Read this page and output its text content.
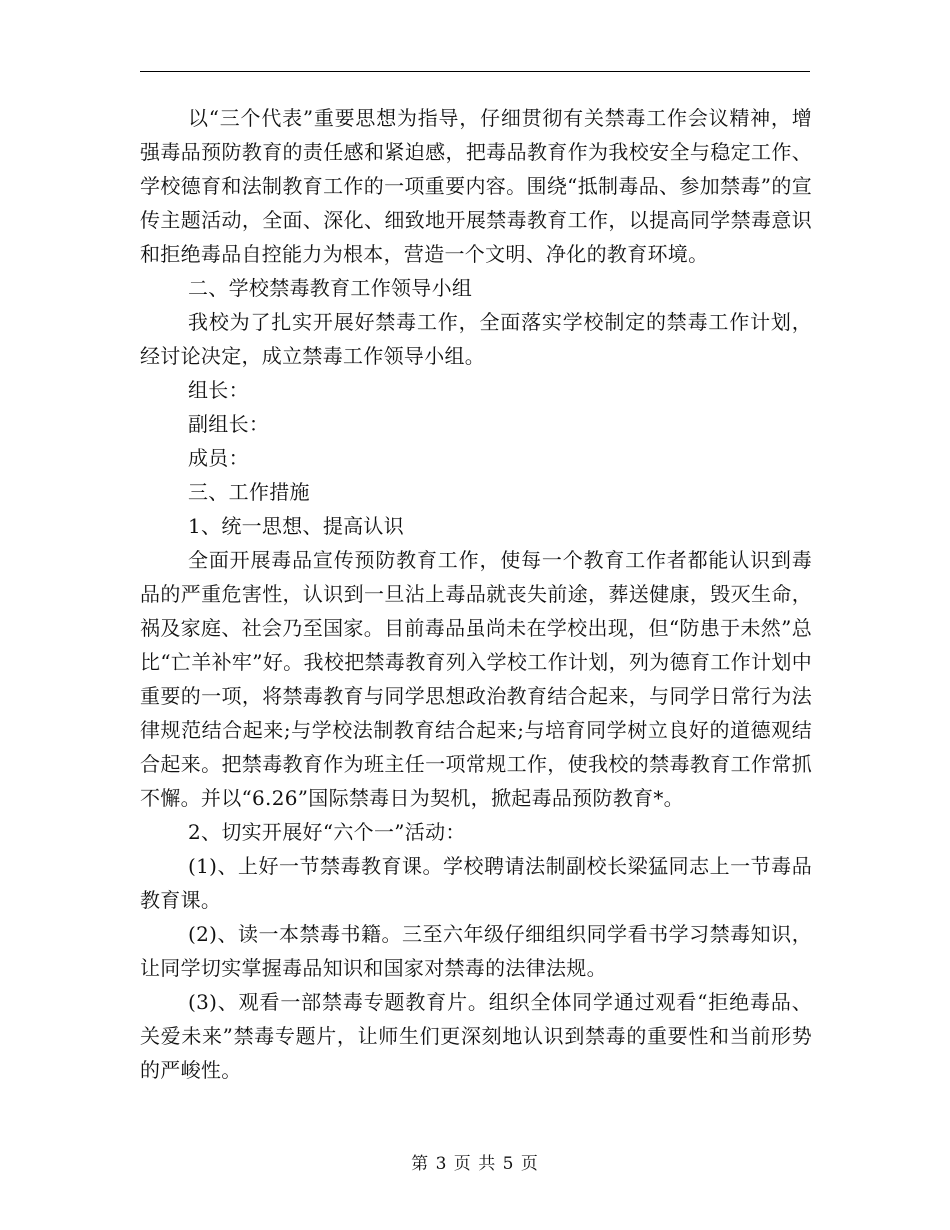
以“三个代表”重要思想为指导，仔细贯彻有关禁毒工作会议精神，增强毒品预防教育的责任感和紧迫感，把毒品教育作为我校安全与稳定工作、学校德育和法制教育工作的一项重要内容。围绕“抵制毒品、参加禁毒”的宣传主题活动，全面、深化、细致地开展禁毒教育工作，以提高同学禁毒意识和拒绝毒品自控能力为根本，营造一个文明、净化的教育环境。

二、学校禁毒教育工作领导小组

我校为了扎实开展好禁毒工作，全面落实学校制定的禁毒工作计划，经讨论决定，成立禁毒工作领导小组。

组长：

副组长：

成员：

三、工作措施

1、统一思想、提高认识

全面开展毒品宣传预防教育工作，使每一个教育工作者都能认识到毒品的严重危害性，认识到一旦沾上毒品就丧失前途，葬送健康，毁灭生命，祸及家庭、社会乃至国家。目前毒品虽尚未在学校出现，但“防患于未然”总比“亡羊补牢”好。我校把禁毒教育列入学校工作计划，列为德育工作计划中重要的一项，将禁毒教育与同学思想政治教育结合起来，与同学日常行为法律规范结合起来;与学校法制教育结合起来;与培育同学树立良好的道德观结合起来。把禁毒教育作为班主任一项常规工作，使我校的禁毒教育工作常抓不懈。并以“6.26”国际禁毒日为契机，掀起毒品预防教育*。

2、切实开展好“六个一”活动：

(1)、上好一节禁毒教育课。学校聘请法制副校长梁猛同志上一节毒品教育课。

(2)、读一本禁毒书籍。三至六年级仔细组织同学看书学习禁毒知识，让同学切实掌握毒品知识和国家对禁毒的法律法规。

(3)、观看一部禁毒专题教育片。组织全体同学通过观看“拒绝毒品、关爱未来”禁毒专题片，让师生们更深刻地认识到禁毒的重要性和当前形势的严峻性。

第 3 页 共 5 页
